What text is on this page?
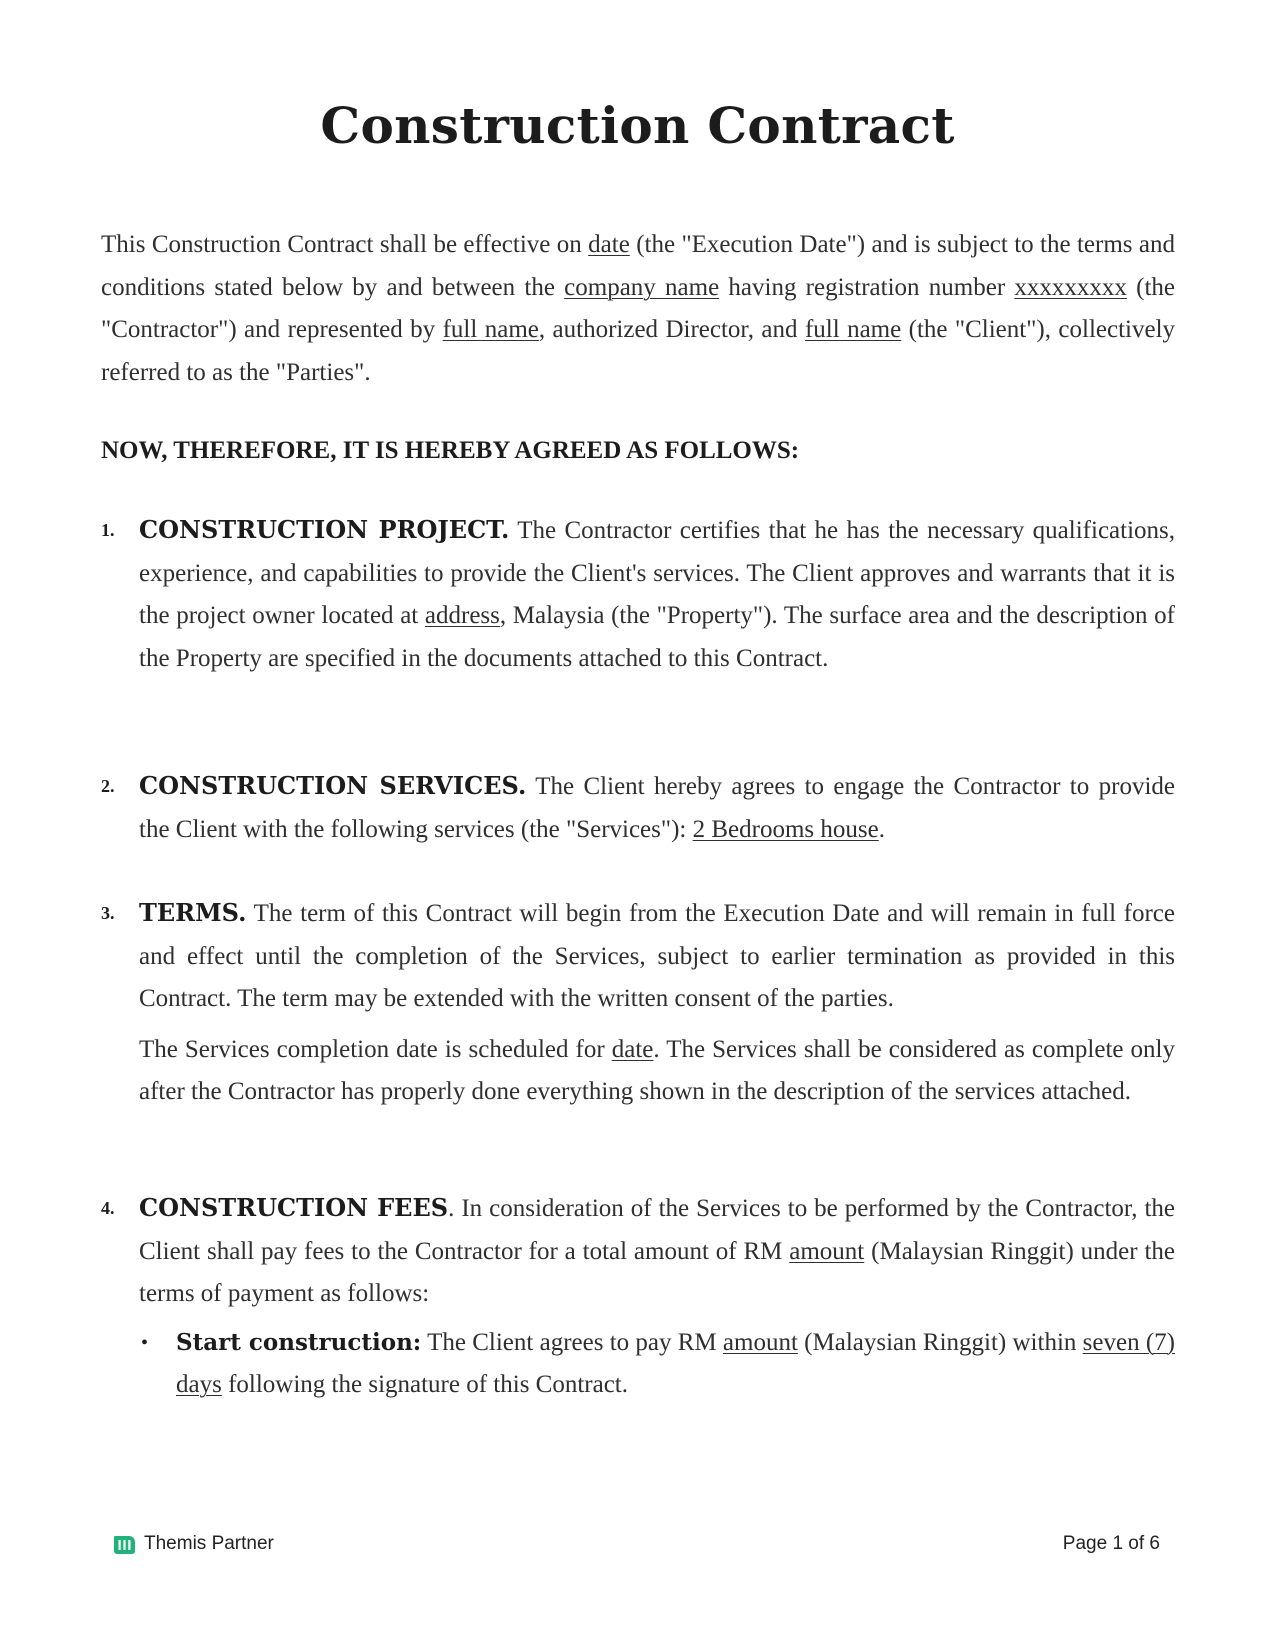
Construction Contract

This Construction Contract shall be effective on date (the "Execution Date") and is subject to the terms and conditions stated below by and between the company name having registration number xxxxxxxxx (the "Contractor") and represented by full name, authorized Director, and full name (the "Client"), collectively referred to as the "Parties".

NOW, THEREFORE, IT IS HEREBY AGREED AS FOLLOWS:
1. CONSTRUCTION PROJECT. The Contractor certifies that he has the necessary qualifications, experience, and capabilities to provide the Client's services. The Client approves and warrants that it is the project owner located at address, Malaysia (the "Property"). The surface area and the description of the Property are specified in the documents attached to this Contract.

2. CONSTRUCTION SERVICES. The Client hereby agrees to engage the Contractor to provide the Client with the following services (the "Services"): 2 Bedrooms house.

3. TERMS. The term of this Contract will begin from the Execution Date and will remain in full force and effect until the completion of the Services, subject to earlier termination as provided in this Contract. The term may be extended with the written consent of the parties.

The Services completion date is scheduled for date. The Services shall be considered as complete only after the Contractor has properly done everything shown in the description of the services attached.

4. CONSTRUCTION FEES. In consideration of the Services to be performed by the Contractor, the Client shall pay fees to the Contractor for a total amount of RM amount (Malaysian Ringgit) under the terms of payment as follows:

• Start construction: The Client agrees to pay RM amount (Malaysian Ringgit) within seven (7) days following the signature of this Contract.

Themis Partner	Page 1 of 6
